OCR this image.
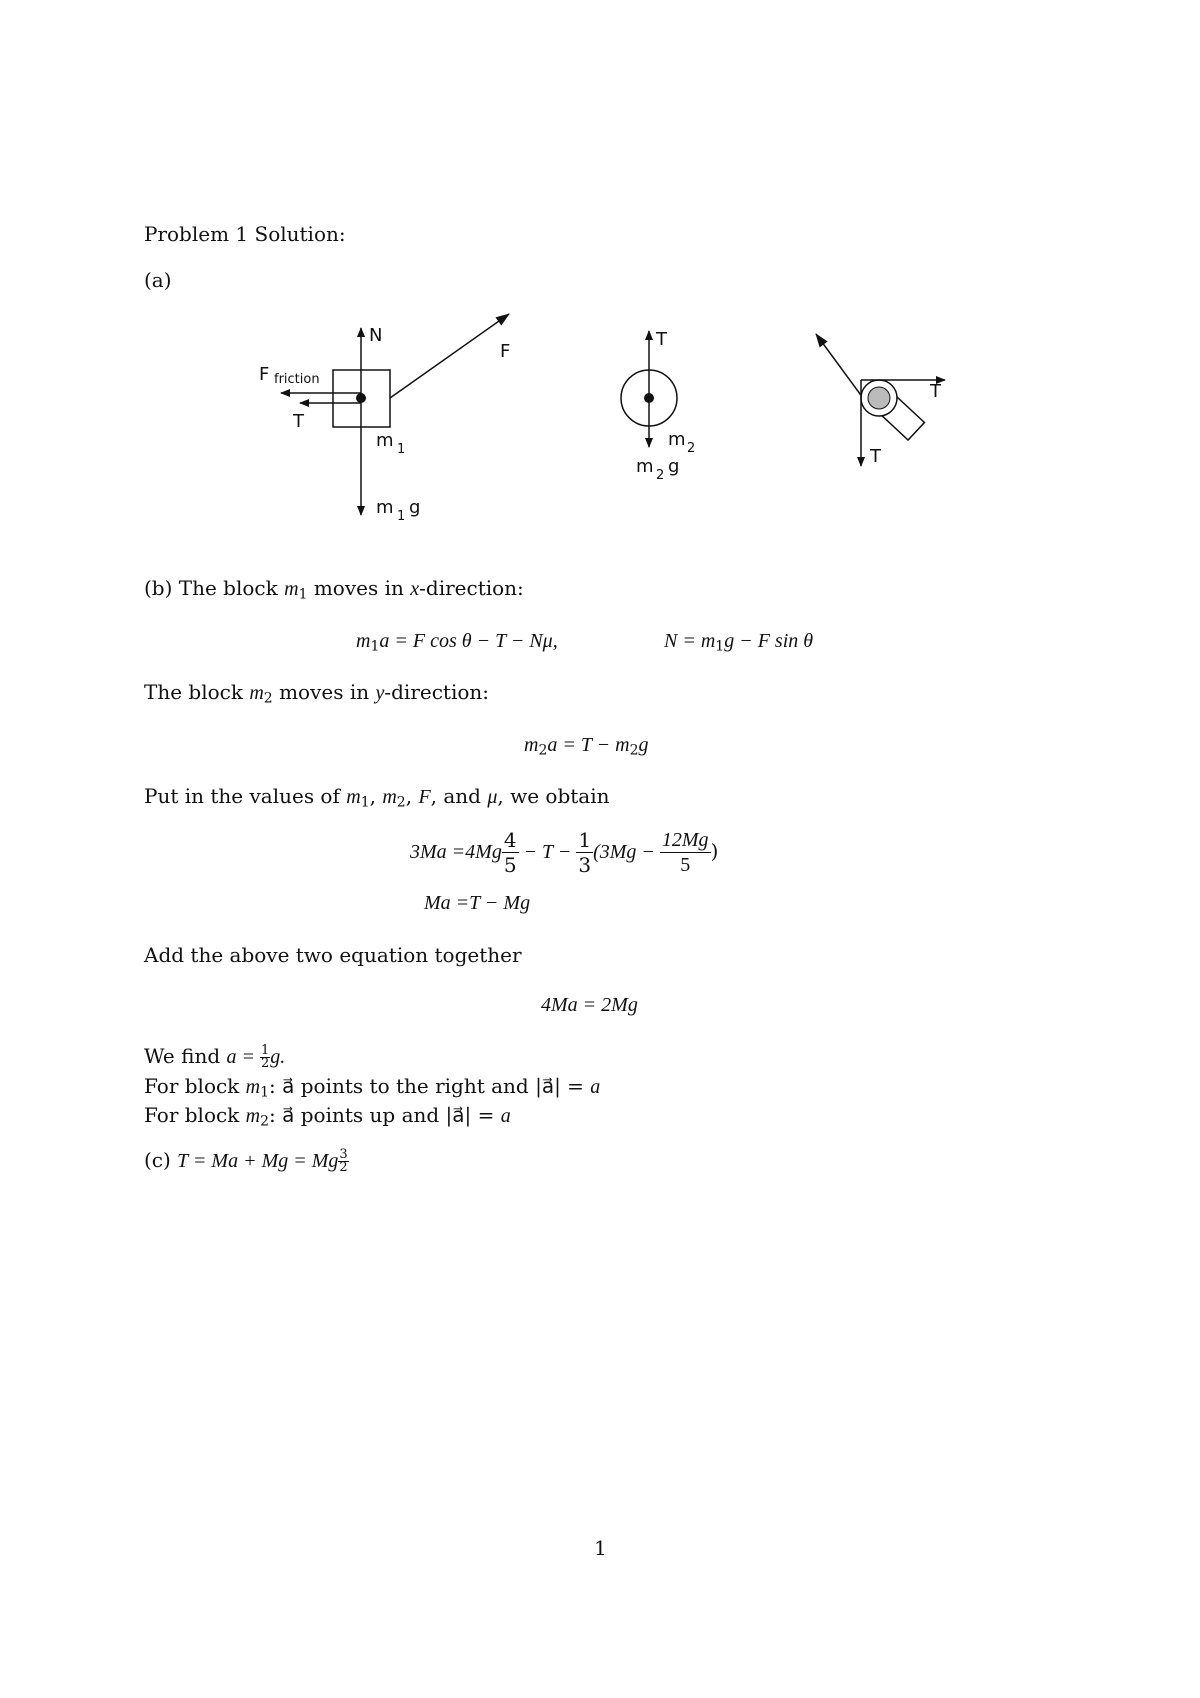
Problem 1 Solution:
(a)
N
F
F friction
T
m 1
m 1 g
T
m 2
m 2 g
T
T
(b) The block $m_1$ moves in x-direction:
$m_1a = F$ cos θ − T − Nμ,	$N = m_1g - F$ sin θ
The block $m_2$ moves in y-direction:
$m_2a = T - m_2g$
Put in the values of $m_1$, $m_2$, F, and μ, we obtain
$3Ma =4Mg \frac{4}{5} - T - \frac{1}{3} (3Mg - \frac{12Mg}{5}$ )
Ma =T − Mg
Add the above two equation together
4Ma = 2Mg
We find $a = \frac{1}{2} g$.
For block $m_1$: a⃗ points to the right and |a⃗| = a
For block $m_2$: a⃗ points up and |a⃗| = a
(c) T = Ma + Mg = Mg $\frac{3}{2}$
1
